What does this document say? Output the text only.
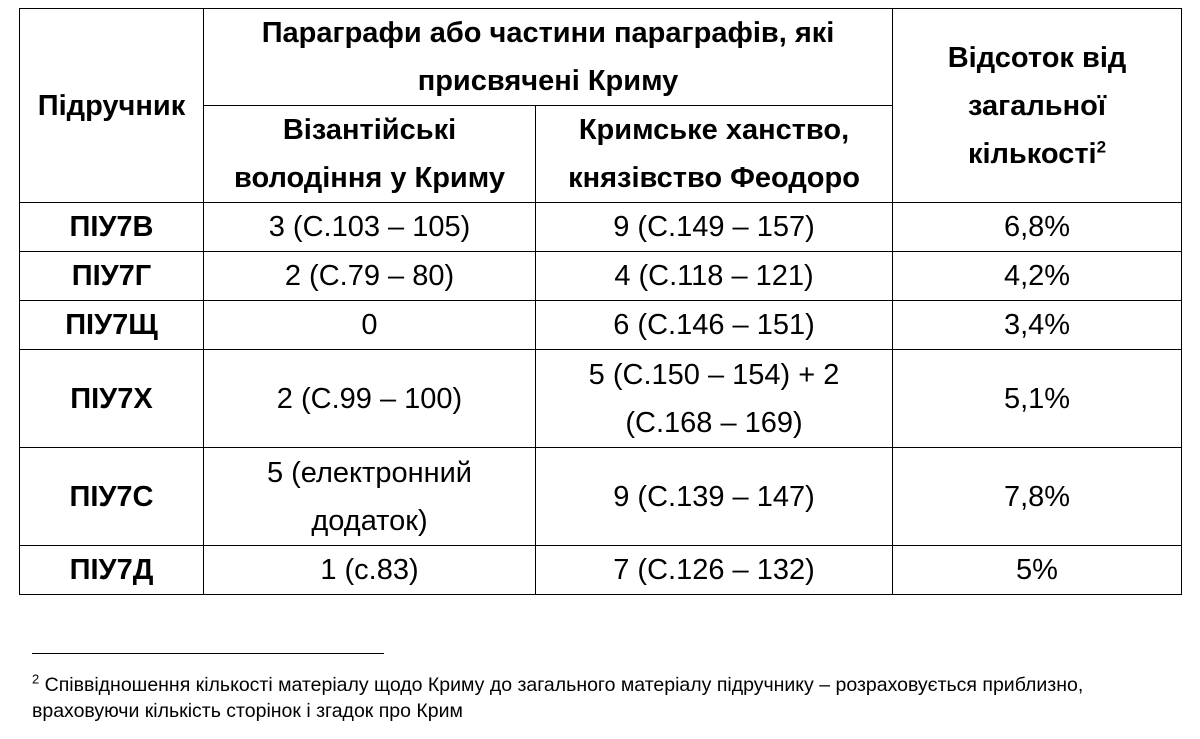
Підручник	Параграфи або частини параграфів, які присвячені Криму		Відсоток від загальної кількості$^2$
	Візантійські володіння у Криму	Кримське ханство, князівство Феодоро	
ПІУ7В	3 (С.103 – 105)	9 (С.149 – 157)	6,8%
ПІУ7Г	2 (С.79 – 80)	4 (С.118 – 121)	4,2%
ПІУ7Щ	0	6 (С.146 – 151)	3,4%
ПІУ7Х	2 (С.99 – 100)	5 (С.150 – 154) + 2 (С.168 – 169)	5,1%
ПІУ7С	5 (електронний додаток)	9 (С.139 – 147)	7,8%
ПІУ7Д	1 (с.83)	7 (С.126 – 132)	5%
$^2$ Співвідношення кількості матеріалу щодо Криму до загального матеріалу підручнику – розраховується приблизно, враховуючи кількість сторінок і згадок про Крим
